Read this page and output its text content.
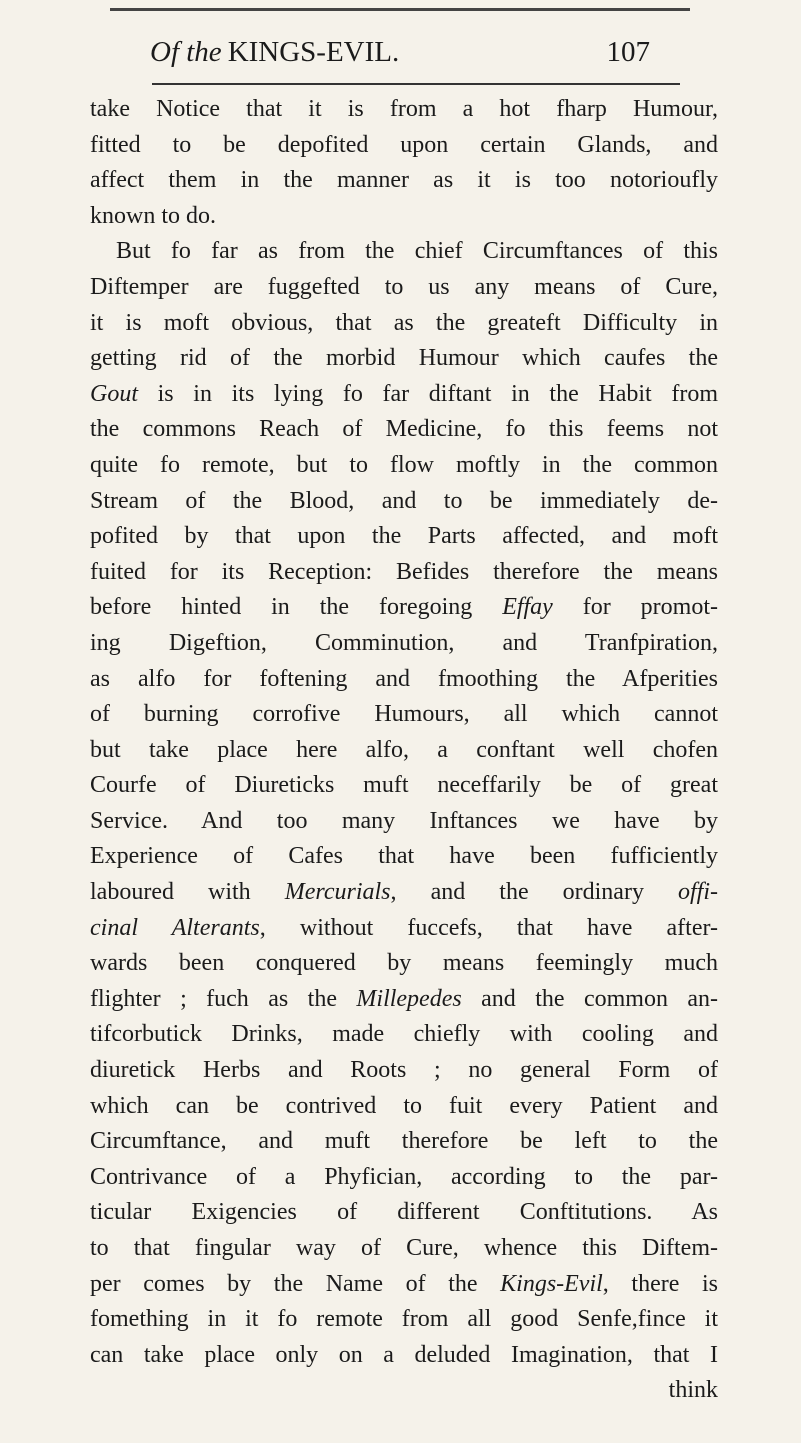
Of the KINGS-EVIL.	107
take Notice that it is from a hot fharp Humour,
fitted to be depofited upon certain Glands, and
affect them in the manner as it is too notorioufly
known to do.
But fo far as from the chief Circumftances of this
Diftemper are fuggefted to us any means of Cure,
it is moft obvious, that as the greateft Difficulty in
getting rid of the morbid Humour which caufes the
Gout is in its lying fo far diftant in the Habit from
the commons Reach of Medicine, fo this feems not
quite fo remote, but to flow moftly in the common
Stream of the Blood, and to be immediately de-
pofited by that upon the Parts affected, and moft
fuited for its Reception: Befides therefore the means
before hinted in the foregoing Effay for promot-
ing Digeftion, Comminution, and Tranfpiration,
as alfo for foftening and fmoothing the Afperities
of burning corrofive Humours, all which cannot
but take place here alfo, a conftant well chofen
Courfe of Diureticks muft neceffarily be of great
Service. And too many Inftances we have by
Experience of Cafes that have been fufficiently
laboured with Mercurials, and the ordinary offi-
cinal Alterants, without fuccefs, that have after-
wards been conquered by means feemingly much
flighter ; fuch as the Millepedes and the common an-
tifcorbutick Drinks, made chiefly with cooling and
diuretick Herbs and Roots ; no general Form of
which can be contrived to fuit every Patient and
Circumftance, and muft therefore be left to the
Contrivance of a Phyfician, according to the par-
ticular Exigencies of different Conftitutions. As
to that fingular way of Cure, whence this Diftem-
per comes by the Name of the Kings-Evil, there is
fomething in it fo remote from all good Senfe,fince it
can take place only on a deluded Imagination, that I
think
